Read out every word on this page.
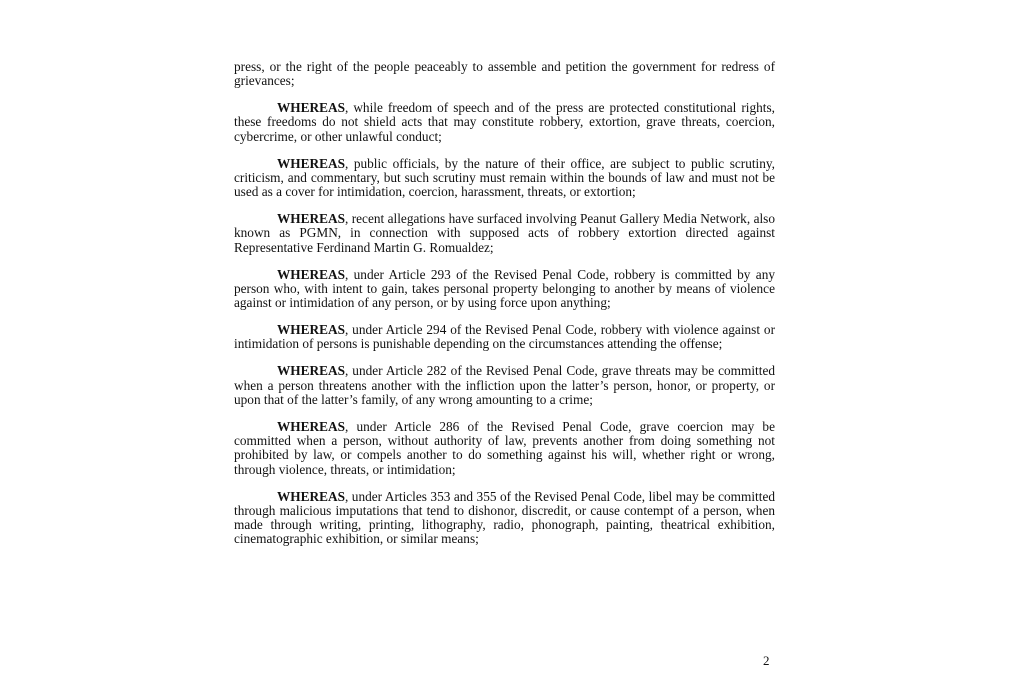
press, or the right of the people peaceably to assemble and petition the government for redress of grievances;

WHEREAS, while freedom of speech and of the press are protected constitutional rights, these freedoms do not shield acts that may constitute robbery, extortion, grave threats, coercion, cybercrime, or other unlawful conduct;

WHEREAS, public officials, by the nature of their office, are subject to public scrutiny, criticism, and commentary, but such scrutiny must remain within the bounds of law and must not be used as a cover for intimidation, coercion, harassment, threats, or extortion;

WHEREAS, recent allegations have surfaced involving Peanut Gallery Media Network, also known as PGMN, in connection with supposed acts of robbery extortion directed against Representative Ferdinand Martin G. Romualdez;

WHEREAS, under Article 293 of the Revised Penal Code, robbery is committed by any person who, with intent to gain, takes personal property belonging to another by means of violence against or intimidation of any person, or by using force upon anything;

WHEREAS, under Article 294 of the Revised Penal Code, robbery with violence against or intimidation of persons is punishable depending on the circumstances attending the offense;

WHEREAS, under Article 282 of the Revised Penal Code, grave threats may be committed when a person threatens another with the infliction upon the latter’s person, honor, or property, or upon that of the latter’s family, of any wrong amounting to a crime;

WHEREAS, under Article 286 of the Revised Penal Code, grave coercion may be committed when a person, without authority of law, prevents another from doing something not prohibited by law, or compels another to do something against his will, whether right or wrong, through violence, threats, or intimidation;

WHEREAS, under Articles 353 and 355 of the Revised Penal Code, libel may be committed through malicious imputations that tend to dishonor, discredit, or cause contempt of a person, when made through writing, printing, lithography, radio, phonograph, painting, theatrical exhibition, cinematographic exhibition, or similar means;

2
